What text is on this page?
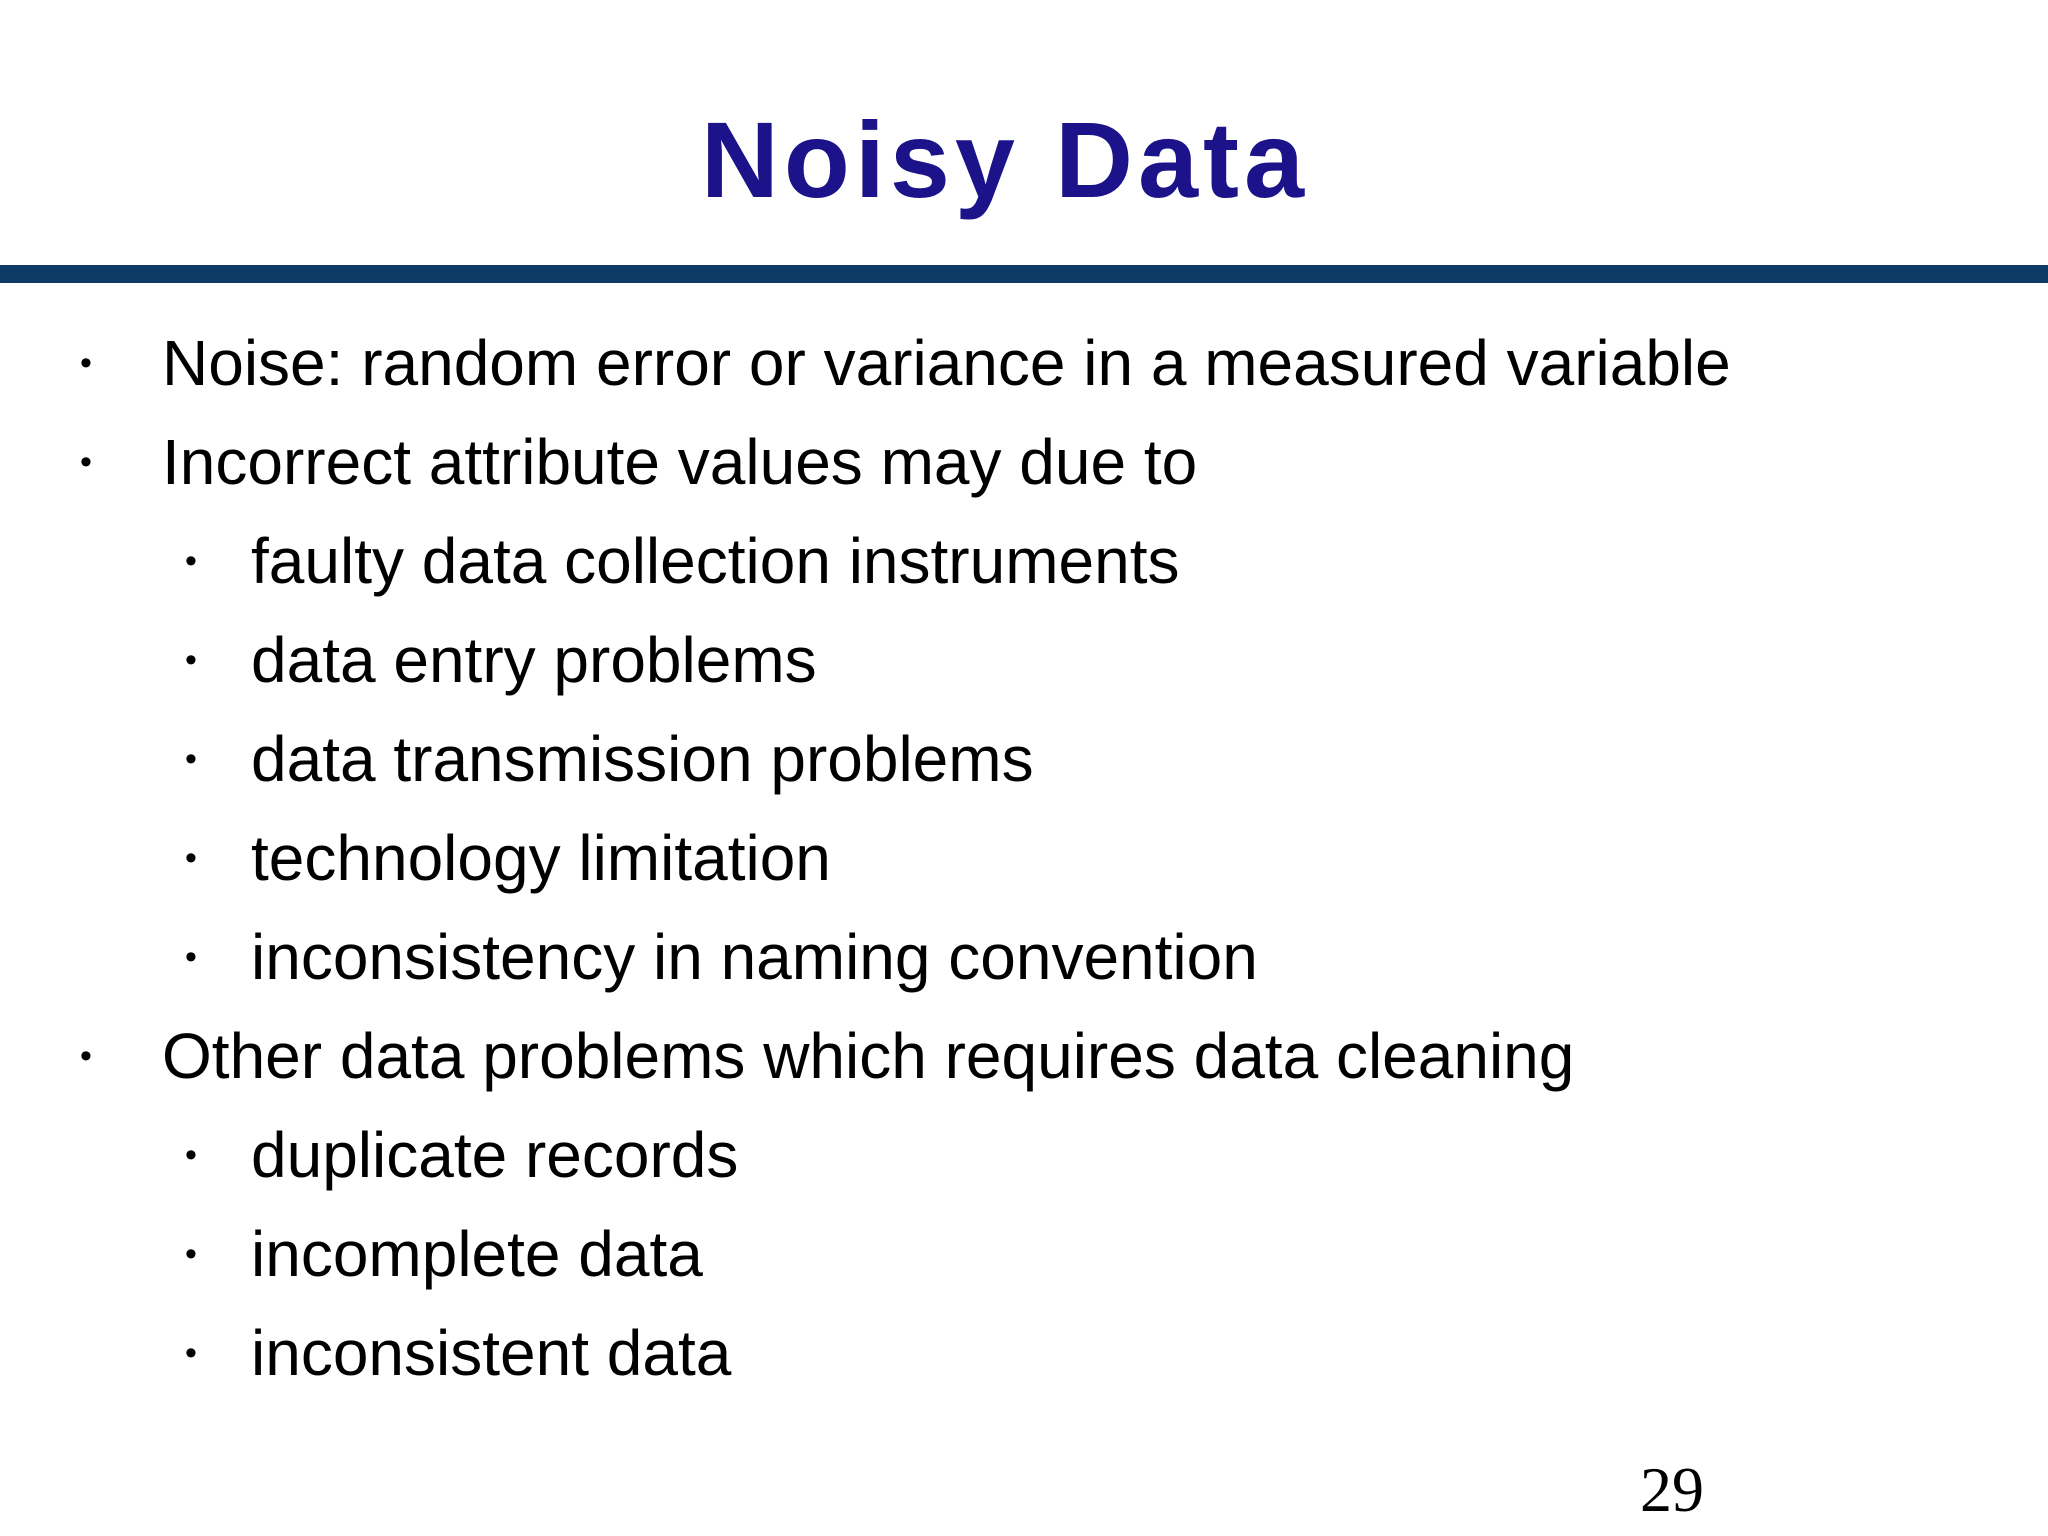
Noisy Data
• Noise: random error or variance in a measured variable
• Incorrect attribute values may due to
• faulty data collection instruments
• data entry problems
• data transmission problems
• technology limitation
• inconsistency in naming convention
• Other data problems which requires data cleaning
• duplicate records
• incomplete data
• inconsistent data
29
